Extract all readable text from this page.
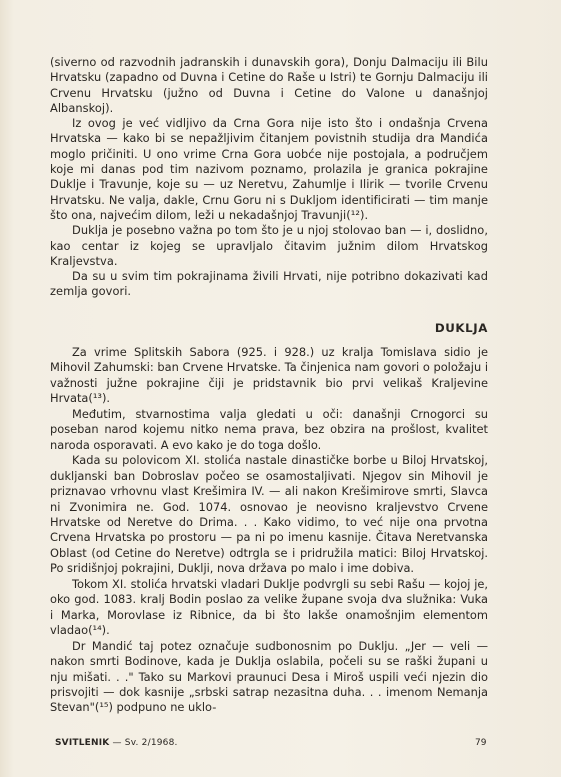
(siverno od razvodnih jadranskih i dunavskih gora), Donju Dalmaciju ili Bilu Hrvatsku (zapadno od Duvna i Cetine do Raše u Istri) te Gornju Dalmaciju ili Crvenu Hrvatsku (južno od Duvna i Cetine do Valone u današnjoj Albanskoj).

Iz ovog je već vidljivo da Crna Gora nije isto što i ondašnja Crvena Hrvatska — kako bi se nepažljivim čitanjem povistnih studija dra Mandića moglo pričiniti. U ono vrime Crna Gora uobće nije postojala, a područjem koje mi danas pod tim nazivom poznamo, prolazila je granica pokrajine Duklje i Travunje, koje su — uz Neretvu, Zahumlje i Ilirik — tvorile Crvenu Hrvatsku. Ne valja, dakle, Crnu Goru ni s Dukljom identificirati — tim manje što ona, najvećim dilom, leži u nekadašnjoj Travunji(¹²).

Duklja je posebno važna po tom što je u njoj stolovao ban — i, doslidno, kao centar iz kojeg se upravljalo čitavim južnim dilom Hrvatskog Kraljevstva.

Da su u svim tim pokrajinama živili Hrvati, nije potribno dokazivati kad zemlja govori.

DUKLJA

Za vrime Splitskih Sabora (925. i 928.) uz kralja Tomislava sidio je Mihovil Zahumski: ban Crvene Hrvatske. Ta činjenica nam govori o položaju i važnosti južne pokrajine čiji je pridstavnik bio prvi velikaš Kraljevine Hrvata(¹³).

Međutim, stvarnostima valja gledati u oči: današnji Crnogorci su poseban narod kojemu nitko nema prava, bez obzira na prošlost, kvalitet naroda osporavati. A evo kako je do toga došlo.

Kada su polovicom XI. stolića nastale dinastičke borbe u Biloj Hrvatskoj, dukljanski ban Dobroslav počeo se osamostaljivati. Njegov sin Mihovil je priznavao vrhovnu vlast Krešimira IV. — ali nakon Krešimirove smrti, Slavca ni Zvonimira ne. God. 1074. osnovao je neovisno kraljevstvo Crvene Hrvatske od Neretve do Drima. . . Kako vidimo, to već nije ona prvotna Crvena Hrvatska po prostoru — pa ni po imenu kasnije. Čitava Neretvanska Oblast (od Cetine do Neretve) odtrgla se i pridružila matici: Biloj Hrvatskoj. Po sridišnjoj pokrajini, Duklji, nova država po malo i ime dobiva.

Tokom XI. stolića hrvatski vladari Duklje podvrgli su sebi Rašu — kojoj je, oko god. 1083. kralj Bodin poslao za velike župane svoja dva služnika: Vuka i Marka, Morovlase iz Ribnice, da bi što lakše onamošnjim elementom vladao(¹⁴).

Dr Mandić taj potez označuje sudbonosnim po Duklju. „Jer — veli — nakon smrti Bodinove, kada je Duklja oslabila, počeli su se raški župani u nju mišati. . ." Tako su Markovi praunuci Desa i Miroš uspili veći njezin dio prisvojiti — dok kasnije „srbski satrap nezasitna duha. . . imenom Nemanja Stevan"(¹⁵) podpuno ne uklo-

SVITLENIK — Sv. 2/1968.	79
